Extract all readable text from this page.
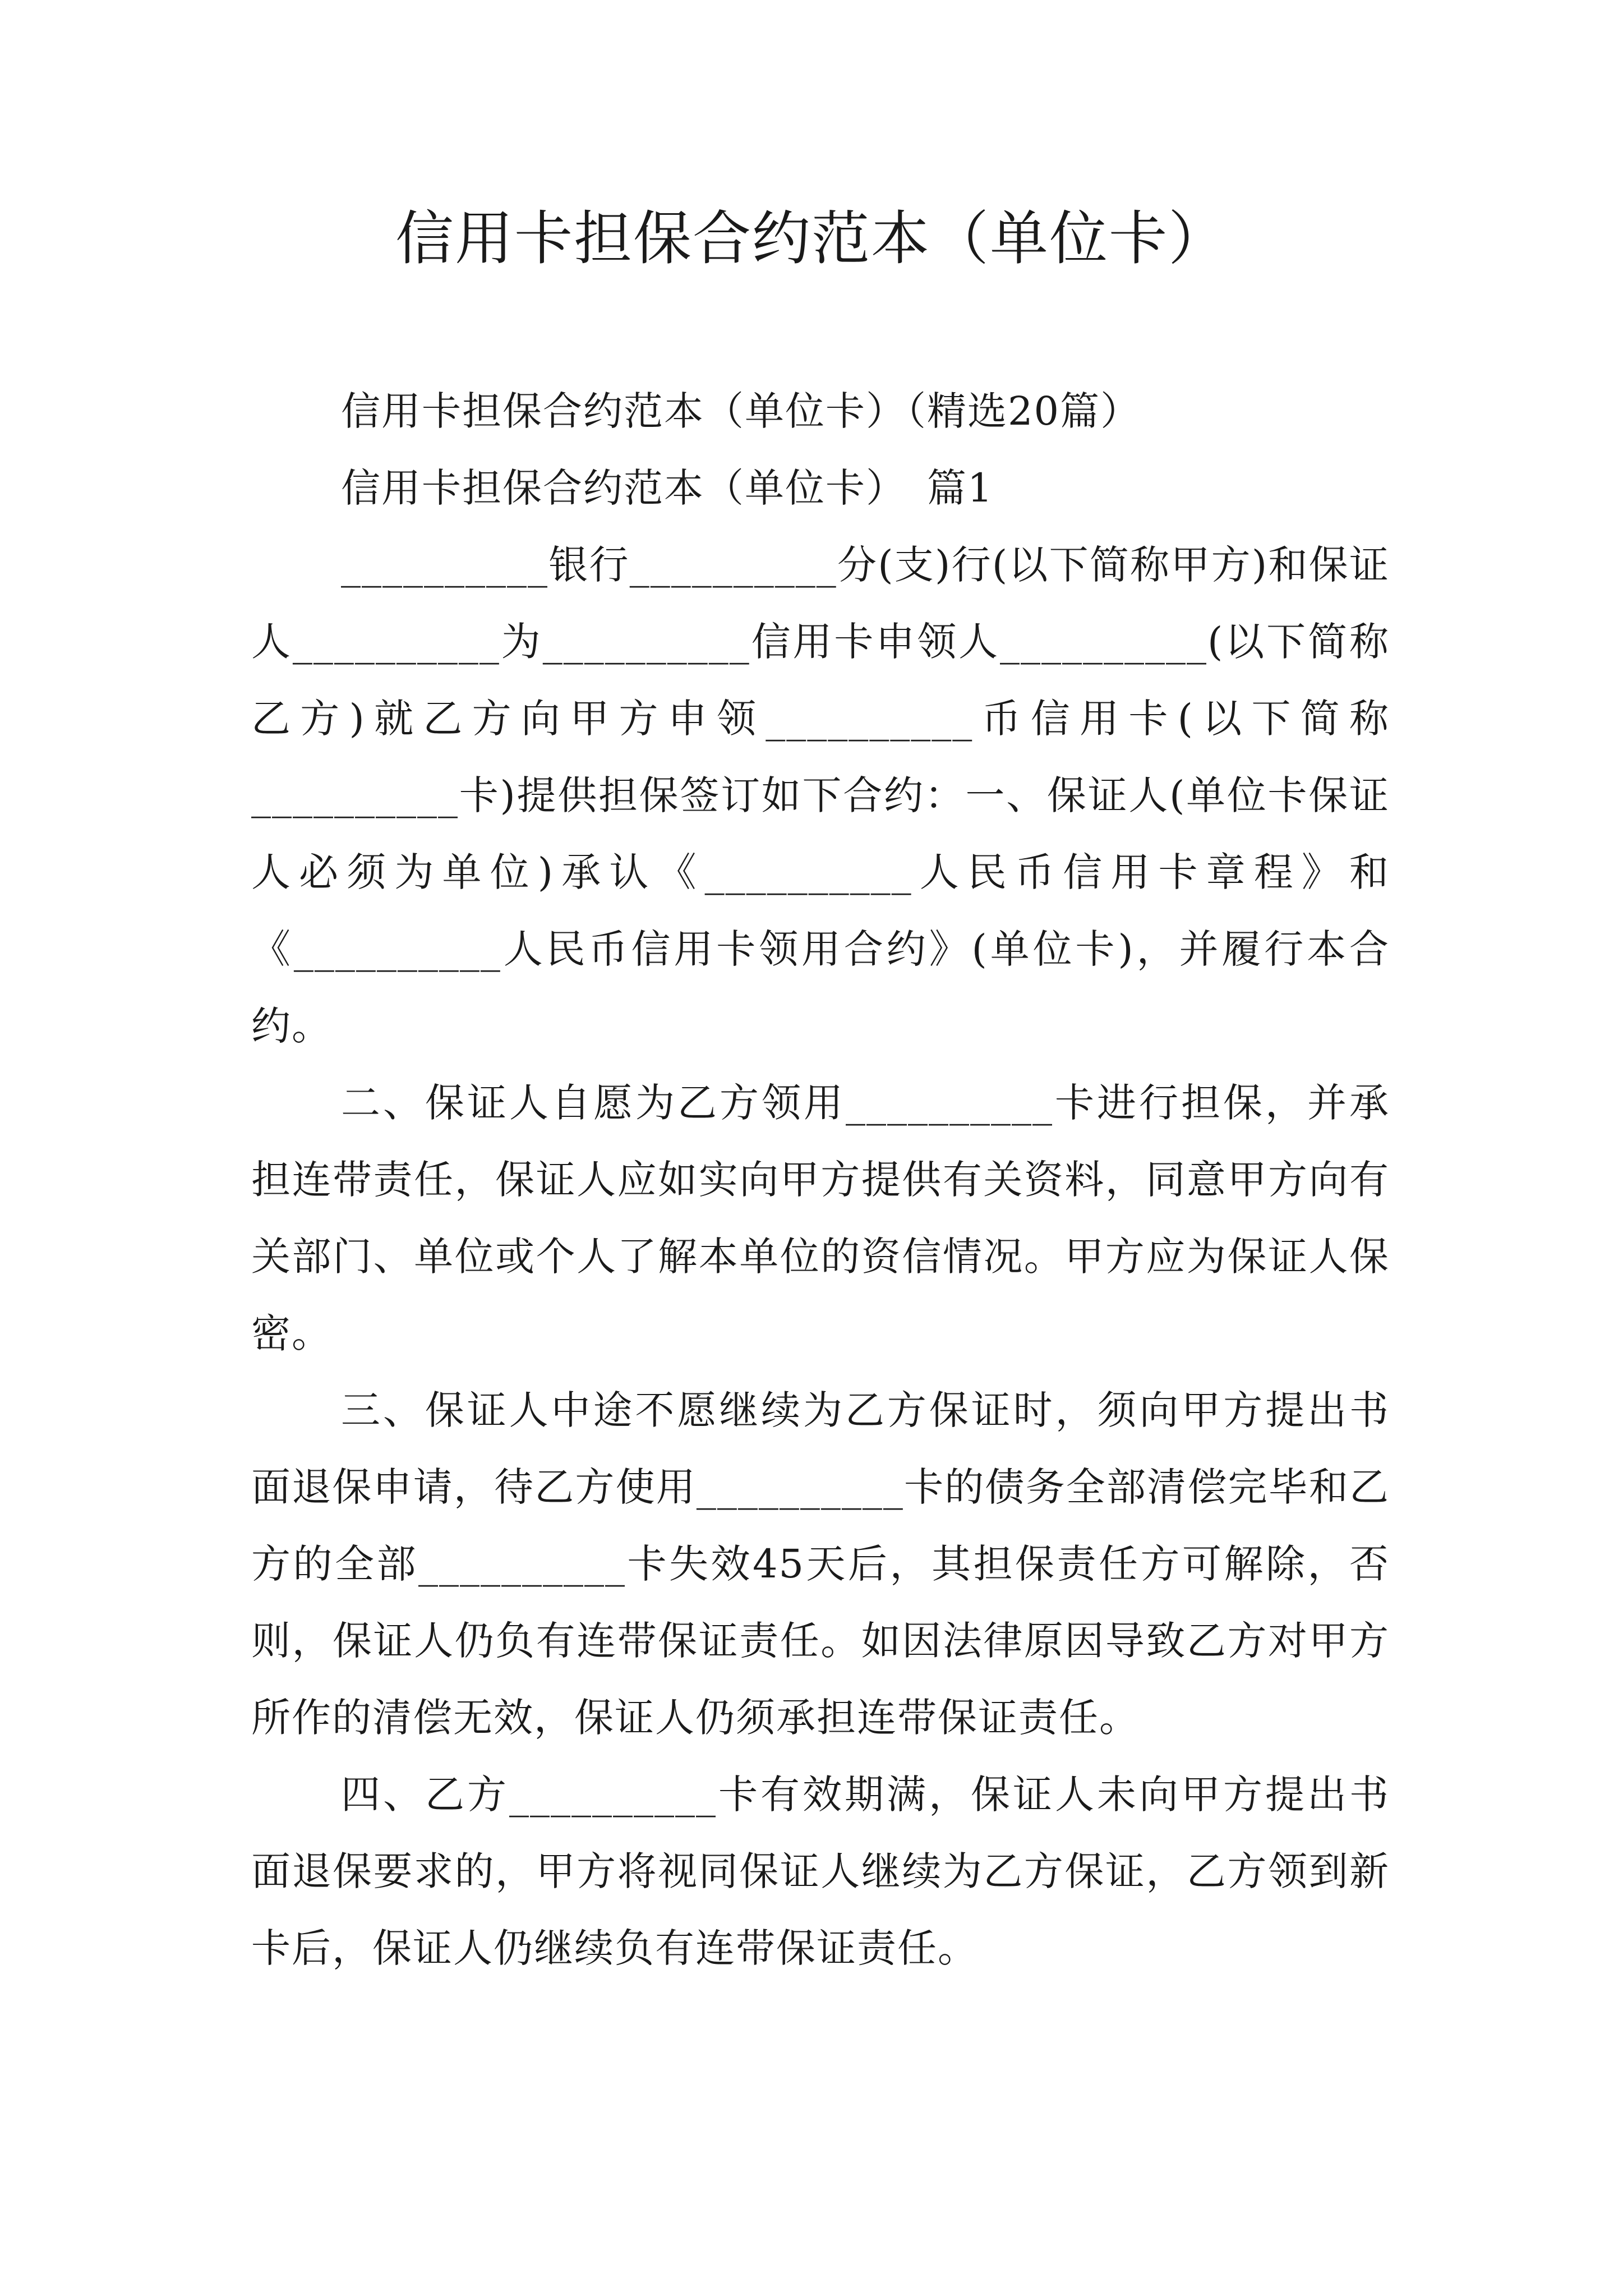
信用卡担保合约范本（单位卡）

信用卡担保合约范本（单位卡）（精选20篇）

信用卡担保合约范本（单位卡）　篇1

__________银行__________分(支)行(以下简称甲方)和保证人__________为__________信用卡申领人__________(以下简称乙方)就乙方向甲方申领__________币信用卡(以下简称__________卡)提供担保签订如下合约：一、保证人(单位卡保证人必须为单位)承认《__________人民币信用卡章程》和《__________人民币信用卡领用合约》(单位卡)，并履行本合约。

二、保证人自愿为乙方领用__________卡进行担保，并承担连带责任，保证人应如实向甲方提供有关资料，同意甲方向有关部门、单位或个人了解本单位的资信情况。甲方应为保证人保密。

三、保证人中途不愿继续为乙方保证时，须向甲方提出书面退保申请，待乙方使用__________卡的债务全部清偿完毕和乙方的全部__________卡失效45天后，其担保责任方可解除，否则，保证人仍负有连带保证责任。如因法律原因导致乙方对甲方所作的清偿无效，保证人仍须承担连带保证责任。

四、乙方__________卡有效期满，保证人未向甲方提出书面退保要求的，甲方将视同保证人继续为乙方保证，乙方领到新卡后，保证人仍继续负有连带保证责任。
